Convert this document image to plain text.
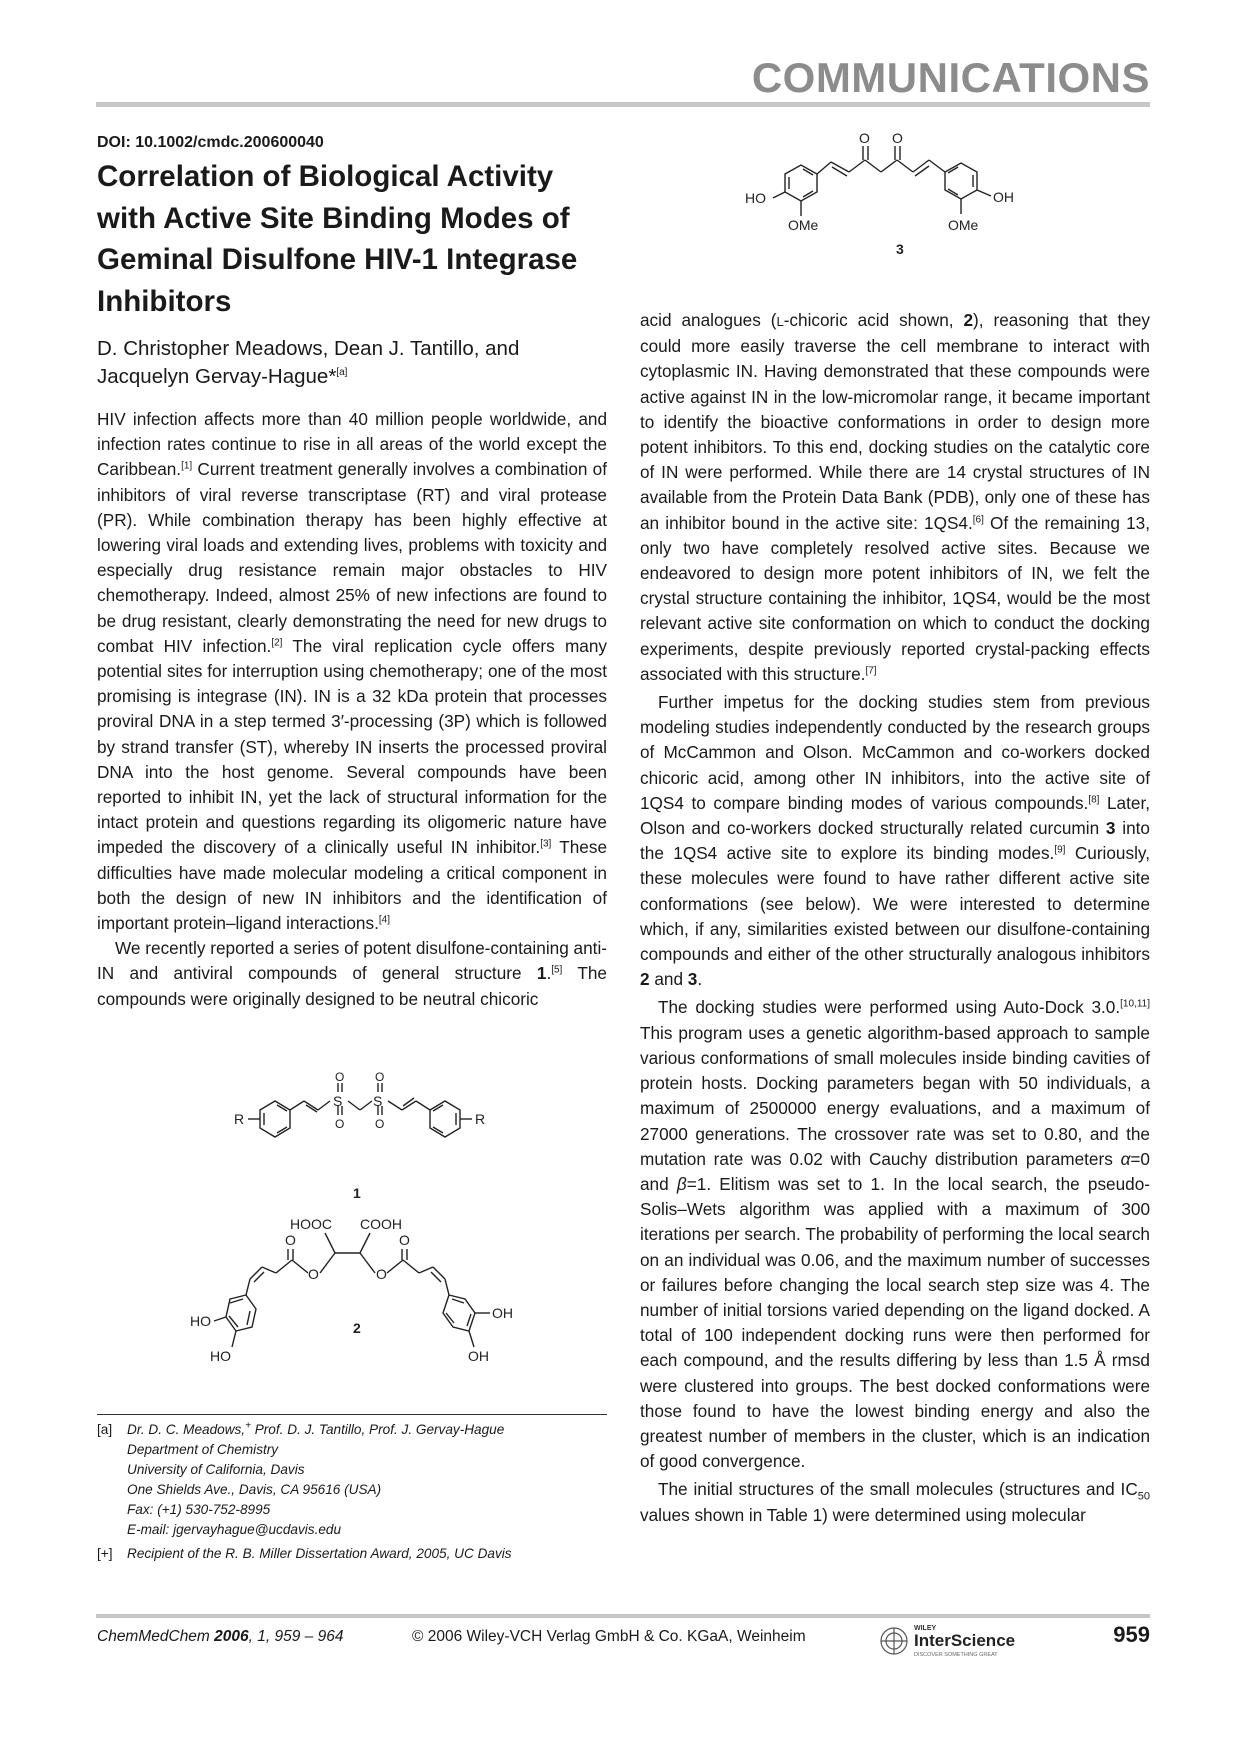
COMMUNICATIONS
DOI: 10.1002/cmdc.200600040
Correlation of Biological Activity with Active Site Binding Modes of Geminal Disulfone HIV-1 Integrase Inhibitors
D. Christopher Meadows, Dean J. Tantillo, and
Jacquelyn Gervay-Hague*[a]

HIV infection affects more than 40 million people worldwide, and infection rates continue to rise in all areas of the world except the Caribbean.[1] Current treatment generally involves a combination of inhibitors of viral reverse transcriptase (RT) and viral protease (PR). While combination therapy has been highly effective at lowering viral loads and extending lives, problems with toxicity and especially drug resistance remain major obstacles to HIV chemotherapy. Indeed, almost 25% of new infections are found to be drug resistant, clearly demonstrating the need for new drugs to combat HIV infection.[2] The viral replication cycle offers many potential sites for interruption using chemotherapy; one of the most promising is integrase (IN). IN is a 32 kDa protein that processes proviral DNA in a step termed 3′-processing (3P) which is followed by strand transfer (ST), whereby IN inserts the processed proviral DNA into the host genome. Several compounds have been reported to inhibit IN, yet the lack of structural information for the intact protein and questions regarding its oligomeric nature have impeded the discovery of a clinically useful IN inhibitor.[3] These difficulties have made molecular modeling a critical component in both the design of new IN inhibitors and the identification of important protein–ligand interactions.[4]

We recently reported a series of potent disulfone-containing anti-IN and antiviral compounds of general structure 1.[5] The compounds were originally designed to be neutral chicoric

R	R
S S
O
O
O
O
1
HOOC COOH
O
O	O
O
HO
HO
OH
OH
2
O O
HO	OH
OMe	OMe
3

acid analogues (L-chicoric acid shown, 2), reasoning that they could more easily traverse the cell membrane to interact with cytoplasmic IN. Having demonstrated that these compounds were active against IN in the low-micromolar range, it became important to identify the bioactive conformations in order to design more potent inhibitors. To this end, docking studies on the catalytic core of IN were performed. While there are 14 crystal structures of IN available from the Protein Data Bank (PDB), only one of these has an inhibitor bound in the active site: 1QS4.[6] Of the remaining 13, only two have completely resolved active sites. Because we endeavored to design more potent inhibitors of IN, we felt the crystal structure containing the inhibitor, 1QS4, would be the most relevant active site conformation on which to conduct the docking experiments, despite previously reported crystal-packing effects associated with this structure.[7]

Further impetus for the docking studies stem from previous modeling studies independently conducted by the research groups of McCammon and Olson. McCammon and co-workers docked chicoric acid, among other IN inhibitors, into the active site of 1QS4 to compare binding modes of various compounds.[8] Later, Olson and co-workers docked structurally related curcumin 3 into the 1QS4 active site to explore its binding modes.[9] Curiously, these molecules were found to have rather different active site conformations (see below). We were interested to determine which, if any, similarities existed between our disulfone-containing compounds and either of the other structurally analogous inhibitors 2 and 3.

The docking studies were performed using Auto-Dock 3.0.[10,11] This program uses a genetic algorithm-based approach to sample various conformations of small molecules inside binding cavities of protein hosts. Docking parameters began with 50 individuals, a maximum of 2500000 energy evaluations, and a maximum of 27000 generations. The crossover rate was set to 0.80, and the mutation rate was 0.02 with Cauchy distribution parameters α=0 and β=1. Elitism was set to 1. In the local search, the pseudo-Solis–Wets algorithm was applied with a maximum of 300 iterations per search. The probability of performing the local search on an individual was 0.06, and the maximum number of successes or failures before changing the local search step size was 4. The number of initial torsions varied depending on the ligand docked. A total of 100 independent docking runs were then performed for each compound, and the results differing by less than 1.5 Å rmsd were clustered into groups. The best docked conformations were those found to have the lowest binding energy and also the greatest number of members in the cluster, which is an indication of good convergence.

The initial structures of the small molecules (structures and $IC_{50}$ values shown in Table 1) were determined using molecular

[a] Dr. D. C. Meadows,+ Prof. D. J. Tantillo, Prof. J. Gervay-Hague
Department of Chemistry
University of California, Davis
One Shields Ave., Davis, CA 95616 (USA)
Fax: (+1) 530-752-8995
E-mail: jgervayhague@ucdavis.edu
[+] Recipient of the R. B. Miller Dissertation Award, 2005, UC Davis
ChemMedChem 2006, 1, 959 – 964	© 2006 Wiley-VCH Verlag GmbH & Co. KGaA, Weinheim	WILEY
InterScience
DISCOVER SOMETHING GREAT
959
